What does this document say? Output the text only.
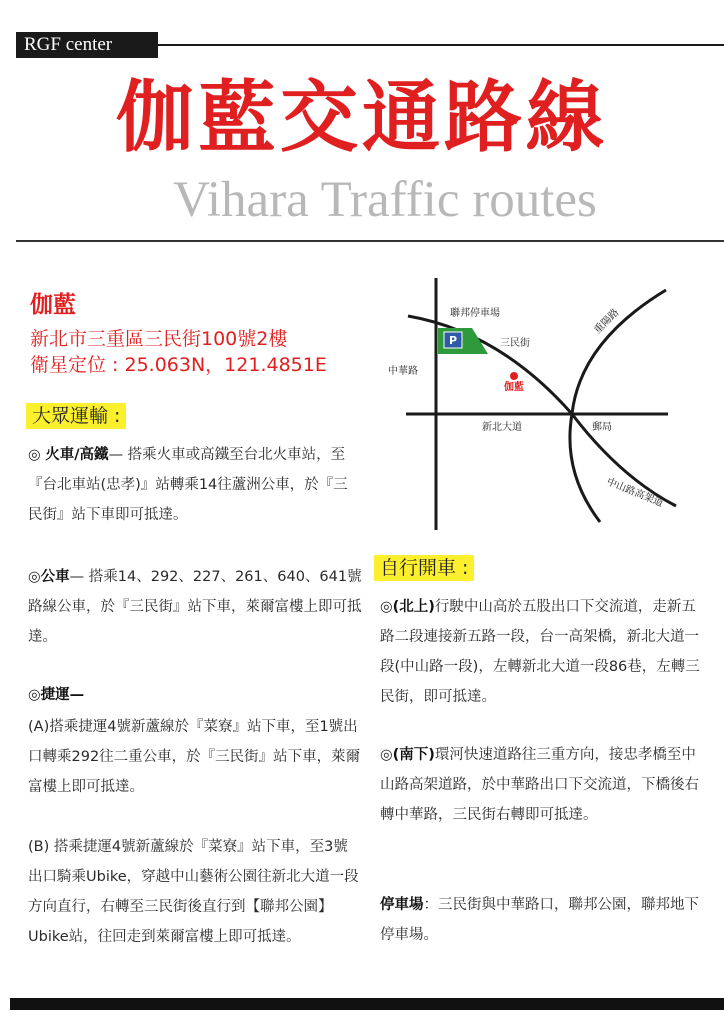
RGF center
伽藍交通路線
Vihara Traffic routes
伽藍
新北市三重區三民街100號2樓
衛星定位 : 25.063N，121.4851E
大眾運輸 :
◎ 火車/高鐵— 搭乘火車或高鐵至台北火車站，至『台北車站(忠孝)』站轉乘14往蘆洲公車，於『三民街』站下車即可抵達。
◎公車— 搭乘14、292、227、261、640、641號路線公車，於『三民街』站下車，萊爾富樓上即可抵達。
◎捷運—
(A)搭乘捷運4號新蘆線於『菜寮』站下車，至1號出口轉乘292往二重公車，於『三民街』站下車，萊爾富樓上即可抵達。
(B) 搭乘捷運4號新蘆線於『菜寮』站下車，至3號出口騎乘Ubike，穿越中山藝術公園往新北大道一段方向直行，右轉至三民街後直行到【聯邦公園】Ubike站，往回走到萊爾富樓上即可抵達。
P
聯邦停車場
三民街
中華路
伽藍
新北大道	郵局
重陽路
中山路高架道
自行開車 :
◎(北上)行駛中山高於五股出口下交流道，走新五路二段連接新五路一段，台一高架橋，新北大道一段(中山路一段)，左轉新北大道一段86巷，左轉三民街，即可抵達。
◎(南下)環河快速道路往三重方向，接忠孝橋至中山路高架道路，於中華路出口下交流道，下橋後右轉中華路，三民街右轉即可抵達。
停車場：三民街與中華路口，聯邦公園，聯邦地下停車場。
